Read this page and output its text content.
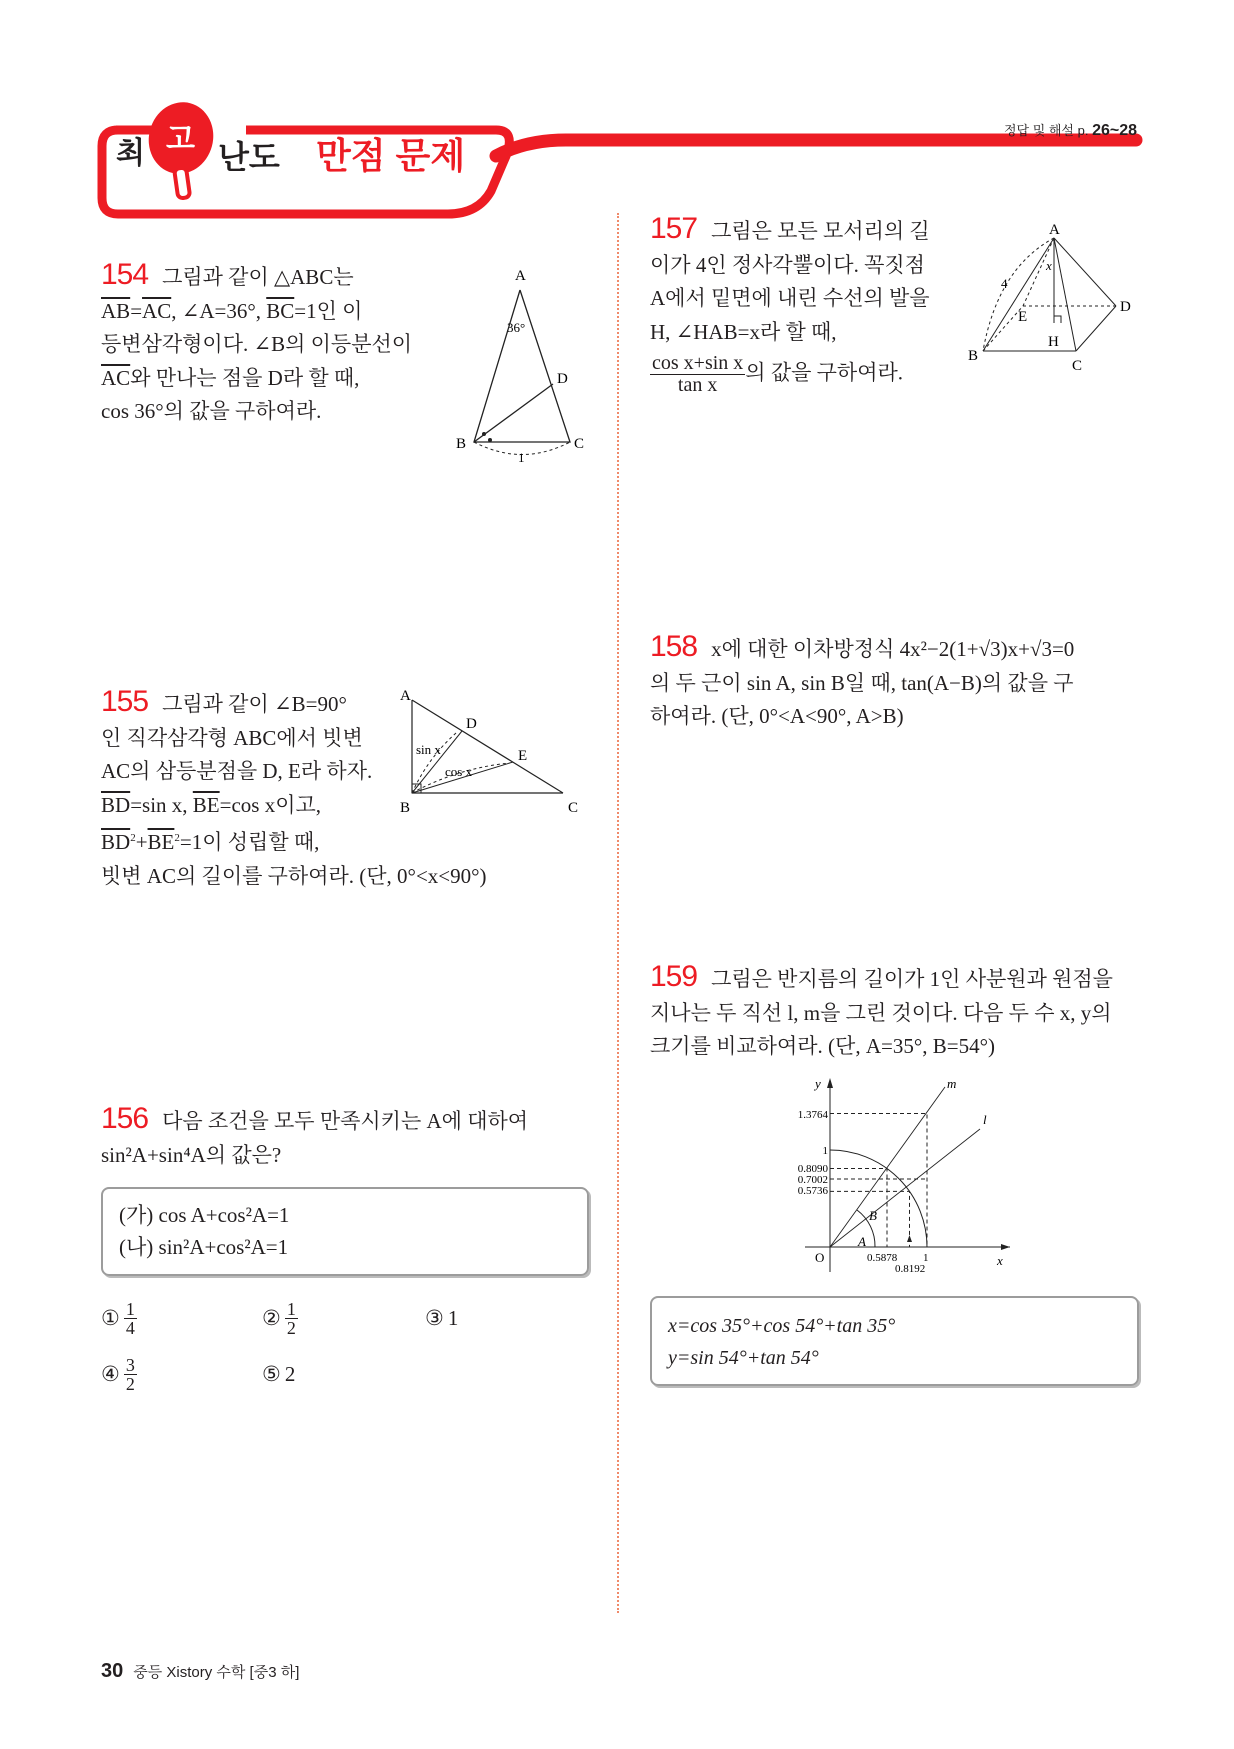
최 고 난도 만점 문제
정답 및 해설 p. 26~28
154 그림과 같이 △ABC는
$\overline{AB}=\overline{AC}$, ∠A=36°, $\overline{BC}=1$인 이
등변삼각형이다. ∠B의 이등분선이
$\overline{AC}$와 만나는 점을 D라 할 때,
cos 36°의 값을 구하여라.
A
B	C
D
36°
1
155 그림과 같이 ∠B=90°
인 직각삼각형 ABC에서 빗변
AC의 삼등분점을 D, E라 하자.
$\overline{BD}=\sin$ x, $\overline{BE}=\cos$ x이고,
$\overline{BD}^2+\overline{BE}^2=1$이 성립할 때,
빗변 AC의 길이를 구하여라. (단, 0°<x<90°)
A
B	C
D
E
sin x
cos x
156 다음 조건을 모두 만족시키는 A에 대하여
sin²A+sin⁴A의 값은?
(가) cos A+cos²A=1
(나) sin²A+cos²A=1
① $\frac{1}{4}$	② $\frac{1}{2}$	③ 1
④ $\frac{3}{2}$	⑤ 2
157 그림은 모든 모서리의 길
이가 4인 정사각뿔이다. 꼭짓점
A에서 밑면에 내린 수선의 발을
H, ∠HAB=x라 할 때,
$\frac{\text{cos x+sin x}}{\text{tan x}}$ 의 값을 구하여라.
A
B
C
D
E
H
x
4
158 x에 대한 이차방정식 4x²−2(1+√3)x+√3=0
의 두 근이 sin A, sin B일 때, tan(A−B)의 값을 구
하여라. (단, 0°<A<90°, A>B)
159 그림은 반지름의 길이가 1인 사분원과 원점을
지나는 두 직선 l, m을 그린 것이다. 다음 두 수 x, y의
크기를 비교하여라. (단, A=35°, B=54°)
y
x
O
m
l
A
B
1.3764
1
0.8090
0.7002
0.5736
0.5878 1
0.8192
x=cos 35°+cos 54°+tan 35°
y=sin 54°+tan 54°
30 중등 Xistory 수학 [중3 하]
